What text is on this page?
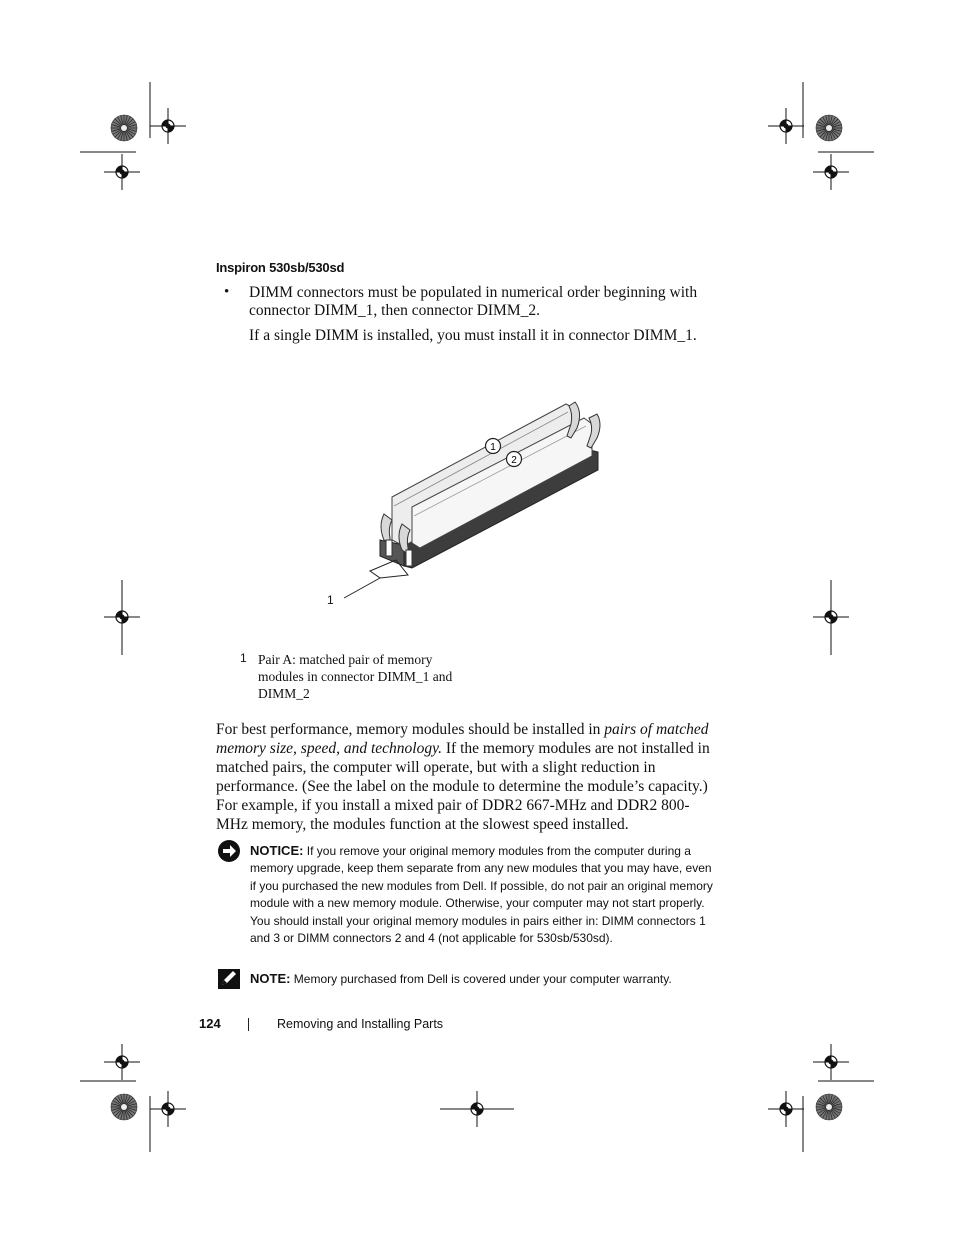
Inspiron 530sb/530sd
• DIMM connectors must be populated in numerical order beginning with connector DIMM_1, then connector DIMM_2.
If a single DIMM is installed, you must install it in connector DIMM_1.
1
2
1
1 Pair A: matched pair of memory modules in connector DIMM_1 and DIMM_2
For best performance, memory modules should be installed in pairs of matched memory size, speed, and technology. If the memory modules are not installed in matched pairs, the computer will operate, but with a slight reduction in performance. (See the label on the module to determine the module’s capacity.) For example, if you install a mixed pair of DDR2 667-MHz and DDR2 800-MHz memory, the modules function at the slowest speed installed.
NOTICE: If you remove your original memory modules from the computer during a memory upgrade, keep them separate from any new modules that you may have, even if you purchased the new modules from Dell. If possible, do not pair an original memory module with a new memory module. Otherwise, your computer may not start properly. You should install your original memory modules in pairs either in: DIMM connectors 1 and 3 or DIMM connectors 2 and 4 (not applicable for 530sb/530sd).
NOTE: Memory purchased from Dell is covered under your computer warranty.
124	Removing and Installing Parts
